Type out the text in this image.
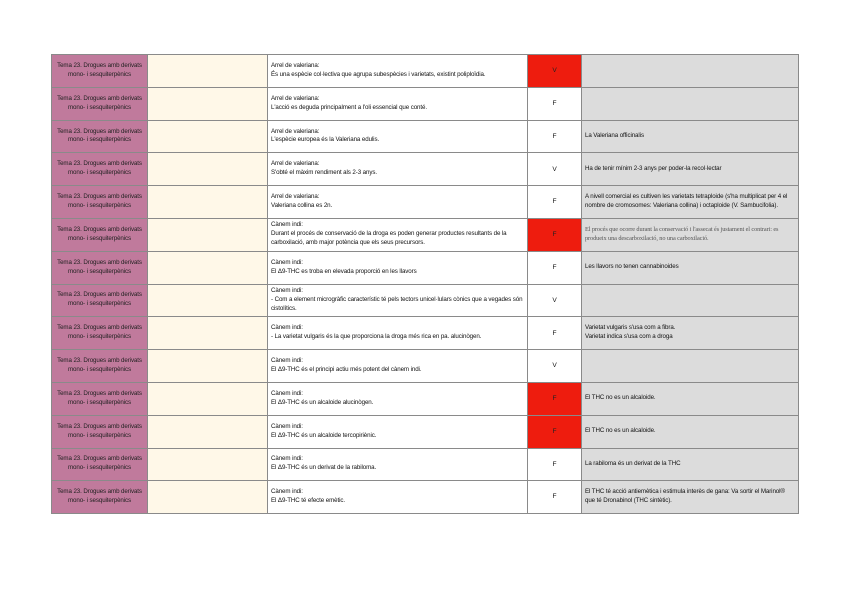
Tema 23. Drogues amb derivats mono- i sesquiterpènics		Arrel de valeriana:
És una espècie col·lectiva que agrupa subespècies i varietats, existint poliploïdia.	V	
Tema 23. Drogues amb derivats mono- i sesquiterpènics		Arrel de valeriana:
L'acció es deguda principalment a l'oli essencial que conté.	F	
Tema 23. Drogues amb derivats mono- i sesquiterpènics		Arrel de valeriana:
L'espècie europea és la Valeriana edulis.	F	La Valeriana officinalis
Tema 23. Drogues amb derivats mono- i sesquiterpènics		Arrel de valeriana:
S'obté el màxim rendiment als 2-3 anys.	V	Ha de tenir mínim 2-3 anys per poder-la recol·lectar
Tema 23. Drogues amb derivats mono- i sesquiterpènics		Arrel de valeriana:
Valeriana collina es 2n.	F	A nivell comercial es cultiven les varietats tetraploide (s'ha multiplicat per 4 el nombre de cromosomes: Valeriana collina) i octaploide (V. Sambucifolia).
Tema 23. Drogues amb derivats mono- i sesquiterpènics		Cànem indi:
Durant el procés de conservació de la droga es poden generar productes resultants de la carboxilació, amb major potència que els seus precursors.	F	El procés que ocorre durant la conservació i l'assecat és justament el contrari: es produeix una descarboxilació, no una carboxilació.
Tema 23. Drogues amb derivats mono- i sesquiterpènics		Cànem indi:
El Δ9-THC es troba en elevada proporció en les llavors	F	Les llavors no tenen cannabinoides
Tema 23. Drogues amb derivats mono- i sesquiterpènics		Cànem indi:
- Com a element microgràfic característic té pels tectors unicel·lulars cònics que a vegades són cistolítics.	V	
Tema 23. Drogues amb derivats mono- i sesquiterpènics		Cànem indi:
- La varietat vulgaris és la que proporciona la droga més rica en pa. alucinògen.	F	Varietat vulgaris s'usa com a fibra.
Varietat indica s'usa com a droga
Tema 23. Drogues amb derivats mono- i sesquiterpènics		Cànem indi:
El Δ9-THC és el principi actiu més potent del cànem indi.	V	
Tema 23. Drogues amb derivats mono- i sesquiterpènics		Cànem indi:
El Δ9-THC és un alcaloide alucinògen.	F	El THC no es un alcaloide.
Tema 23. Drogues amb derivats mono- i sesquiterpènics		Cànem indi:
El Δ9-THC és un alcaloide tercopiriènic.	F	El THC no es un alcaloide.
Tema 23. Drogues amb derivats mono- i sesquiterpènics		Cànem indi:
El Δ9-THC és un derivat de la rabiloma.	F	La rabiloma és un derivat de la THC
Tema 23. Drogues amb derivats mono- i sesquiterpènics		Cànem indi:
El Δ9-THC té efecte emètic.	F	El THC té acció antiemètica i estimula interès de gana: Va sortir el Marinol® que té Dronabinol (THC sintètic).
